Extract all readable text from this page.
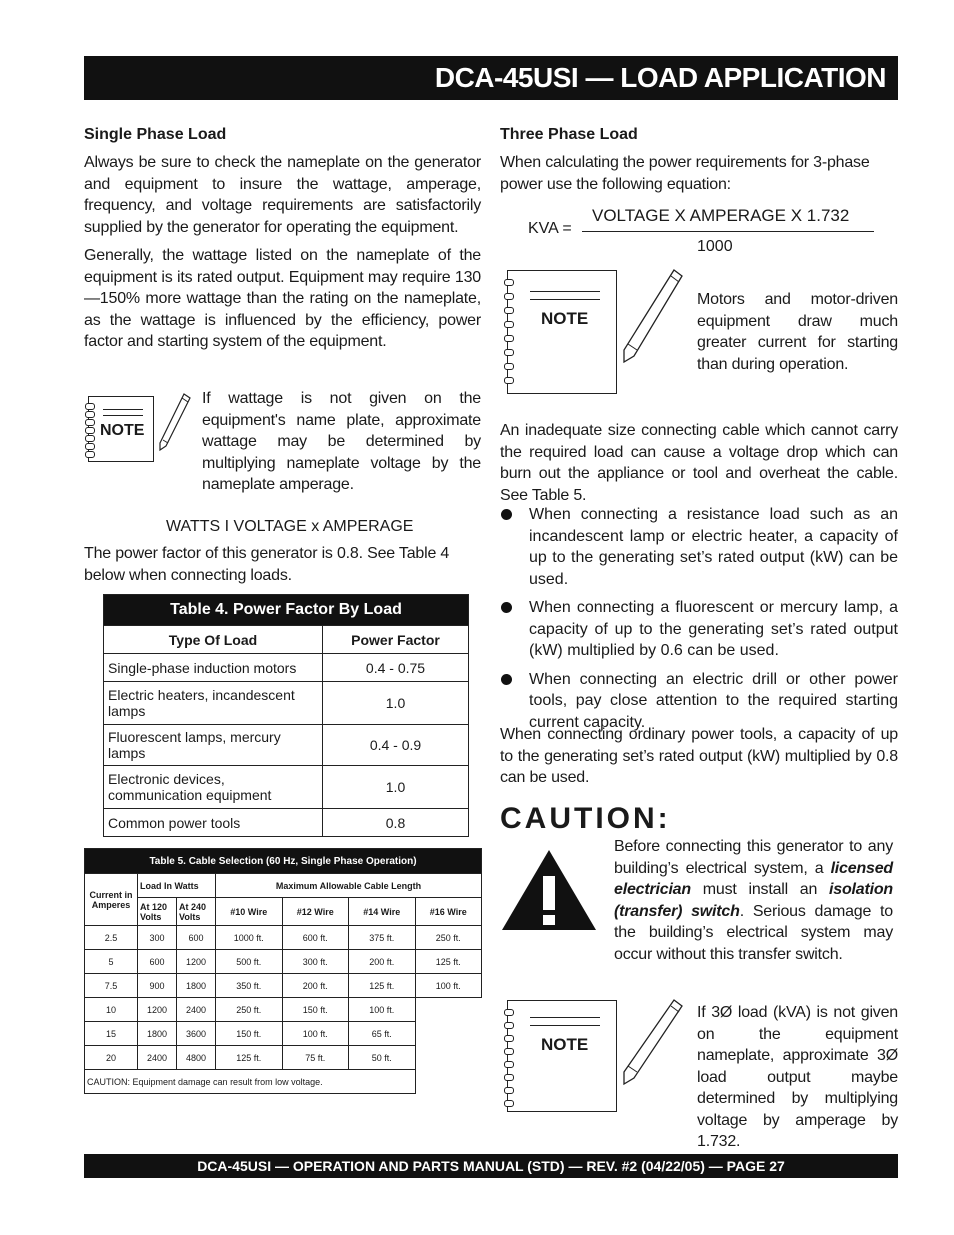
DCA-45USI — LOAD APPLICATION
Single Phase Load

Always be sure to check the nameplate on the generator and equipment to insure the wattage, amperage, frequency, and voltage requirements are satisfactorily supplied by the generator for operating the equipment.

Generally, the wattage listed on the nameplate of the equipment is its rated output. Equipment may require 130—150% more wattage than the rating on the nameplate, as the wattage is influenced by the efficiency, power factor and starting system of the equipment.

NOTE

If wattage is not given on the equipment's name plate, approximate wattage may be determined by multiplying nameplate voltage by the nameplate amperage.

WATTS I VOLTAGE x AMPERAGE

The power factor of this generator is 0.8. See Table 4 below when connecting loads.

Table 4. Power Factor By Load	
Type Of Load	Power Factor
Single-phase induction motors	0.4 - 0.75
Electric heaters, incandescent lamps	1.0
Fluorescent lamps, mercury lamps	0.4 - 0.9
Electronic devices, communication equipment	1.0
Common power tools	0.8
Table 5. Cable Selection (60 Hz, Single Phase Operation)						
Current in Amperes	Load In Watts		Maximum Allowable Cable Length			
	At 120 Volts	At 240 Volts	#10 Wire	#12 Wire	#14 Wire	#16 Wire
2.5	300	600	1000 ft.	600 ft.	375 ft.	250 ft.
5	600	1200	500 ft.	300 ft.	200 ft.	125 ft.
7.5	900	1800	350 ft.	200 ft.	125 ft.	100 ft.
10	1200	2400	250 ft.	150 ft.	100 ft.	
15	1800	3600	150 ft.	100 ft.	65 ft.	
20	2400	4800	125 ft.	75 ft.	50 ft.	
CAUTION: Equipment damage can result from low voltage.						
Three Phase Load

When calculating the power requirements for 3-phase power use the following equation:

KVA =
VOLTAGE X AMPERAGE X 1.732
1000
NOTE

Motors and motor-driven equipment draw much greater current for starting than during operation.

An inadequate size connecting cable which cannot carry the required load can cause a voltage drop which can burn out the appliance or tool and overheat the cable. See Table 5.

When connecting a resistance load such as an incandescent lamp or electric heater, a capacity of up to the generating set’s rated output (kW) can be used.
When connecting a fluorescent or mercury lamp, a capacity of up to the generating set’s rated output (kW) multiplied by 0.6 can be used.
When connecting an electric drill or other power tools, pay close attention to the required starting current capacity.

When connecting ordinary power tools, a capacity of up to the generating set’s rated output (kW) multiplied by 0.8 can be used.

CAUTION:

Before connecting this generator to any building’s electrical system, a licensed electrician must install an isolation (transfer) switch. Serious damage to the building’s electrical system may occur without this transfer switch.

NOTE

If 3Ø load (kVA) is not given on the equipment nameplate, approximate 3Ø load output maybe determined by multiplying voltage by amperage by 1.732.

DCA-45USI — OPERATION AND PARTS MANUAL (STD) — REV. #2 (04/22/05) — PAGE 27
